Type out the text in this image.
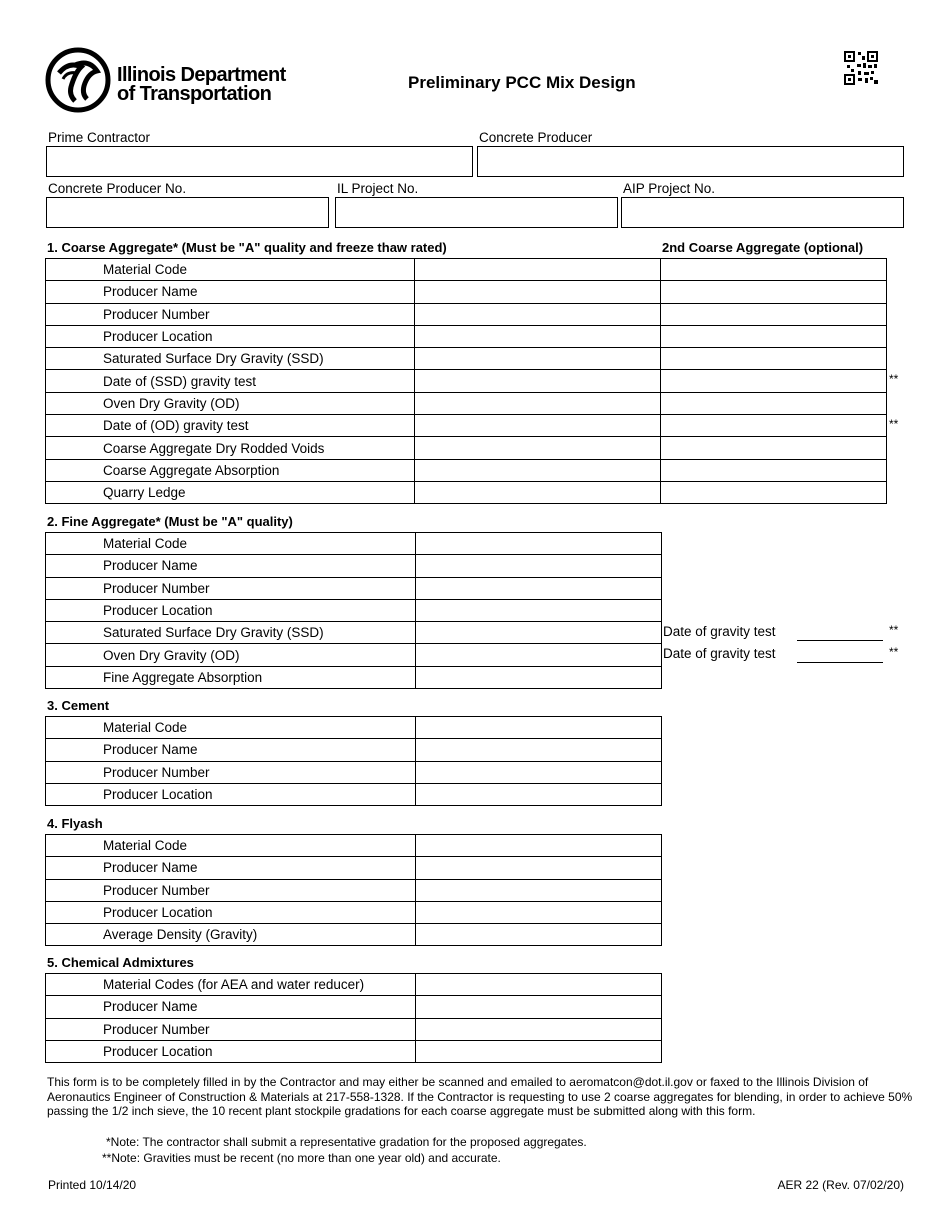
Illinois Department
of Transportation
Preliminary PCC Mix Design
Prime Contractor	Concrete Producer
Concrete Producer No.	IL Project No.	AIP Project No.
1. Coarse Aggregate* (Must be "A" quality and freeze thaw rated)	2nd Coarse Aggregate (optional)
Material Code		
Producer Name		
Producer Number		
Producer Location		
Saturated Surface Dry Gravity (SSD)		
Date of (SSD) gravity test		
Oven Dry Gravity (OD)		
Date of (OD) gravity test		
Coarse Aggregate Dry Rodded Voids		
Coarse Aggregate Absorption		
Quarry Ledge		
**
**
2. Fine Aggregate* (Must be "A" quality)
Material Code	
Producer Name	
Producer Number	
Producer Location	
Saturated Surface Dry Gravity (SSD)	
Oven Dry Gravity (OD)	
Fine Aggregate Absorption	
Date of gravity test	**
Date of gravity test	**
3. Cement
Material Code	
Producer Name	
Producer Number	
Producer Location	
4. Flyash
Material Code	
Producer Name	
Producer Number	
Producer Location	
Average Density (Gravity)	
5. Chemical Admixtures
Material Codes (for AEA and water reducer)	
Producer Name	
Producer Number	
Producer Location	
This form is to be completely filled in by the Contractor and may either be scanned and emailed to aeromatcon@dot.il.gov or faxed to the Illinois Division of Aeronautics Engineer of Construction & Materials at 217-558-1328. If the Contractor is requesting to use 2 coarse aggregates for blending, in order to achieve 50% passing the 1/2 inch sieve, the 10 recent plant stockpile gradations for each coarse aggregate must be submitted along with this form.
*Note: The contractor shall submit a representative gradation for the proposed aggregates.
**Note: Gravities must be recent (no more than one year old) and accurate.
Printed 10/14/20	AER 22 (Rev. 07/02/20)
